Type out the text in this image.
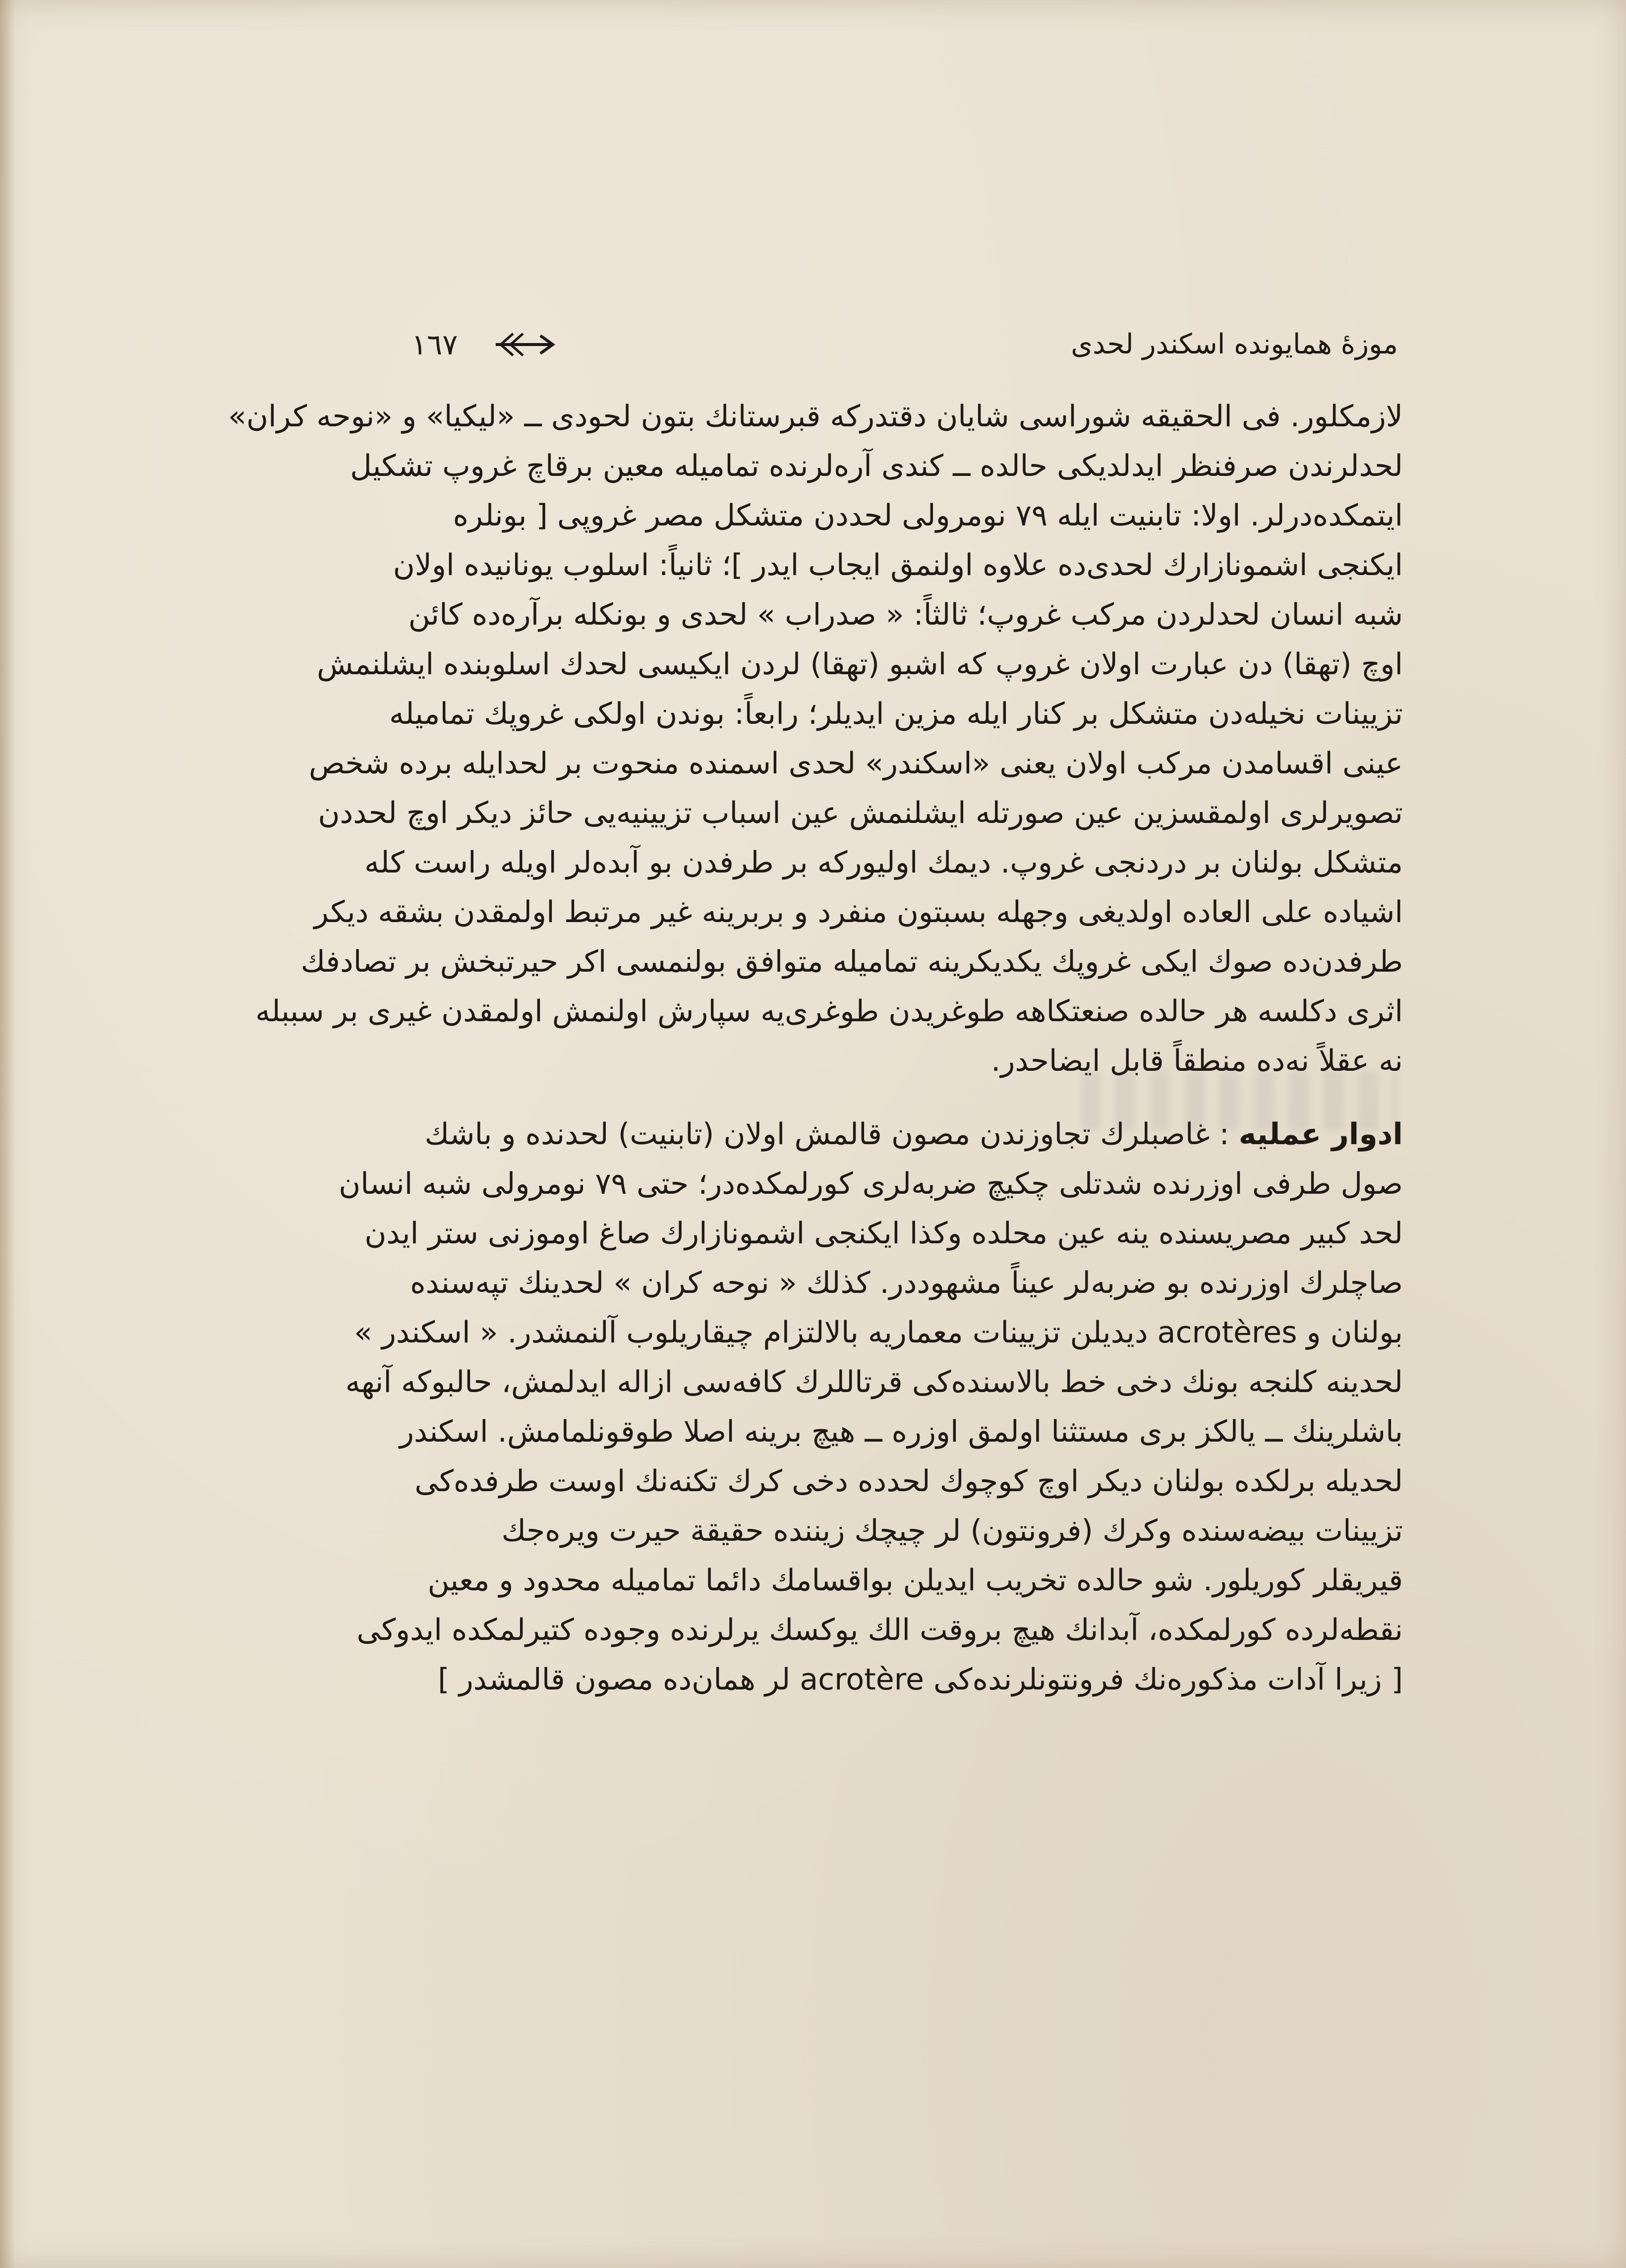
١٦٧	موزهٔ همايونده اسكندر لحدى
لازمكلور. فى الحقيقه شوراسى شايان دقتدركه قبرستانك بتون لحودى ــ «ليكيا» و «نوحه كران»
لحدلرندن صرفنظر ايدلديكى حالده ــ كندى آره‌لرنده تماميله معين برقاچ غروپ تشكيل
ايتمكده‌درلر. اولا: تابنيت ايله ٧٩ نومرولى لحددن متشكل مصر غروپى [ بونلره
ايكنجى اشمونازارك لحدى‌ده علاوه اولنمق ايجاب ايدر ]؛ ثانياً: اسلوب يونانيده اولان
شبه انسان لحدلردن مركب غروپ؛ ثالثاً: « صدراب » لحدى و بونكله برآره‌ده كائن
اوچ (تهقا) دن عبارت اولان غروپ كه اشبو (تهقا) لردن ايكيسى لحدك اسلوبنده ايشلنمش
تزيينات نخيله‌دن متشكل بر كنار ايله مزين ايديلر؛ رابعاً: بوندن اولكى غروپك تماميله
عينى اقسامدن مركب اولان يعنى «اسكندر» لحدى اسمنده منحوت بر لحدايله برده شخص
تصويرلرى اولمقسزين عين صورتله ايشلنمش عين اسباب تزيينيه‌يى حائز ديكر اوچ لحددن
متشكل بولنان بر دردنجى غروپ. ديمك اوليوركه بر طرفدن بو آبده‌لر اويله راست كله
اشياده على العاده اولديغى وجهله بسبتون منفرد و بربرينه غير مرتبط اولمقدن بشقه ديكر
طرفدن‌ده صوك ايكى غروپك يكديكرينه تماميله متوافق بولنمسى اكر حيرتبخش بر تصادفك
اثرى دكلسه هر حالده صنعتكاهه طوغريدن طوغرى‌يه سپارش اولنمش اولمقدن غيرى بر سببله
نه عقلاً نه‌ده منطقاً قابل ايضاحدر.
ادوار عمليه : غاصبلرك تجاوزندن مصون قالمش اولان (تابنيت) لحدنده و باشك
صول طرفى اوزرنده شدتلى چكيچ ضربه‌لرى كورلمكده‌در؛ حتى ٧٩ نومرولى شبه انسان
لحد كبير مصريسنده ينه عين محلده وكذا ايكنجى اشمونازارك صاغ اوموزنى ستر ايدن
صاچلرك اوزرنده بو ضربه‌لر عيناً مشهوددر. كذلك « نوحه كران » لحدينك تپه‌سنده
بولنان و acrotères ديديلن تزيينات معماريه بالالتزام چيقاريلوب آلنمشدر. « اسكندر »
لحدينه كلنجه بونك دخى خط بالاسنده‌كى قرتاللرك كافه‌سى ازاله ايدلمش، حالبوكه آنهه
باشلرينك ــ يالكز برى مستثنا اولمق اوزره ــ هيچ برينه اصلا طوقونلمامش. اسكندر
لحديله برلكده بولنان ديكر اوچ كوچوك لحدده دخى كرك تكنه‌نك اوست طرفده‌كى
تزيينات بيضه‌سنده وكرك (فرونتون) لر چيچك زيننده حقيقة حيرت ويره‌جك
قيريقلر كوريلور. شو حالده تخريب ايديلن بواقسامك دائما تماميله محدود و معين
نقطه‌لرده كورلمكده، آبدانك هيچ بروقت الك يوكسك يرلرنده وجوده كتيرلمكده ايدوكى
[ زيرا آدات مذكوره‌نك فرونتونلرنده‌كى acrotère لر همان‌ده مصون قالمشدر ]
